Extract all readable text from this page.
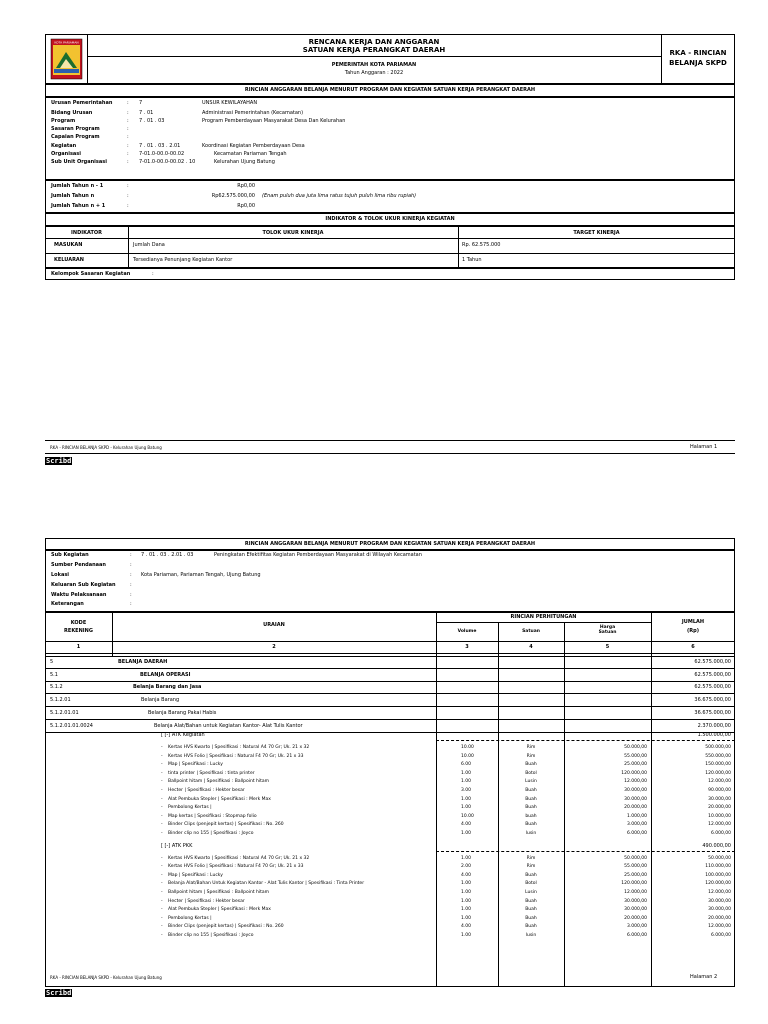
KOTA PARIAMAN	RENCANA KERJA DAN ANGGARAN
SATUAN KERJA PERANGKAT DAERAH
PEMERINTAH KOTA PARIAMAN
Tahun Anggaran : 2022
RKA - RINCIAN
BELANJA SKPD
RINCIAN ANGGARAN BELANJA MENURUT PROGRAM DAN KEGIATAN SATUAN KERJA PERANGKAT DAERAH
Urusan Pemerintahan	: 7	UNSUR KEWILAYAHAN
Bidang Urusan	: 7 . 01	Administrasi Pemerintahan (Kecamatan)
Program	: 7 . 01 . 03	Program Pemberdayaan Masyarakat Desa Dan Kelurahan
Sasaran Program	:
Capaian Program	:
Kegiatan	: 7 . 01 . 03 . 2.01	Koordinasi Kegiatan Pemberdayaan Desa
Organisasi	: 7-01.0-00.0-00.02	Kecamatan Pariaman Tengah
Sub Unit Organisasi	: 7-01.0-00.0-00.02 . 10	Kelurahan Ujung Batung
Jumlah Tahun n - 1	:	Rp0,00
Jumlah Tahun n	:	Rp62.575.000,00 (Enam puluh dua juta lima ratus tujuh puluh lima ribu rupiah)
Jumlah Tahun n + 1	:	Rp0,00
INDIKATOR & TOLOK UKUR KINERJA KEGIATAN
INDIKATOR	TOLOK UKUR KINERJA	TARGET KINERJA
MASUKAN	Jumlah Dana	Rp. 62.575.000
KELUARAN	Tersedianya Penunjang Kegiatan Kantor	1 Tahun
Kelompok Sasaran Kegiatan	:
RKA - RINCIAN BELANJA SKPD - Kelurahan Ujung Batung	Halaman 1
Scribd
RINCIAN ANGGARAN BELANJA MENURUT PROGRAM DAN KEGIATAN SATUAN KERJA PERANGKAT DAERAH
Sub Kegiatan	: 7 . 01 . 03 . 2.01 . 03	Peningkatan Efektifitas Kegiatan Pemberdayaan Masyarakat di Wilayah Kecamatan
Sumber Pendanaan	:
Lokasi	: Kota Pariaman, Pariaman Tengah, Ujung Batung
Keluaran Sub Kegiatan	:
Waktu Pelaksanaan	:
Keterangan	:
KODE
REKENING
URAIAN
RINCIAN PERHITUNGAN
Volume	Satuan
Harga
Satuan
JUMLAH
(Rp)
1	2	3	4	5	6
5	BELANJA DAERAH	62.575.000,00
5.1	BELANJA OPERASI	62.575.000,00
5.1.2	Belanja Barang dan Jasa	62.575.000,00
5.1.2.01	Belanja Barang	36.675.000,00
5.1.2.01.01	Belanja Barang Pakai Habis	36.675.000,00
5.1.2.01.01.0024	Belanja Alat/Bahan untuk Kegiatan Kantor- Alat Tulis Kantor	2.370.000,00
[ [-] ATK Kegiatan	1.500.000,00
- Kertas HVS Kwarto | Spesifikasi : Natural A4 70 Gr; Uk. 21 x 32	10.00	Rim	50.000,00	500.000,00
- Kertas HVS Folio | Spesifikasi : Natural F4 70 Gr; Uk. 21 x 33	10.00	Rim	55.000,00	550.000,00
- Map | Spesifikasi : Lucky	6.00	Buah	25.000,00	150.000,00
- tinta printer | Spesifikasi : tinta printer	1.00	Botol	120.000,00	120.000,00
- Ballpoint hitam | Spesifikasi : Ballpoint hitam	1.00	Lusin	12.000,00	12.000,00
- Hecter | Spesifikasi : Hekter besar	3.00	Buah	30.000,00	90.000,00
- Alat Pembuka Stepler | Spesifikasi : Merk Max	1.00	Buah	30.000,00	30.000,00
- Pembolong Kertas |	1.00	Buah	20.000,00	20.000,00
- Map kertas | Spesifikasi : Stopmap folio	10.00	buah	1.000,00	10.000,00
- Binder Clips (penjepit kertas) | Spesifikasi : No. 260	4.00	Buah	3.000,00	12.000,00
- Binder clip no 155 | Spesifikasi : Joyco	1.00	lusin	6.000,00	6.000,00
[ [-] ATK PKK	490.000,00
- Kertas HVS Kwarto | Spesifikasi : Natural A4 70 Gr; Uk. 21 x 32	1.00	Rim	50.000,00	50.000,00
- Kertas HVS Folio | Spesifikasi : Natural F4 70 Gr; Uk. 21 x 33	2.00	Rim	55.000,00	110.000,00
- Map | Spesifikasi : Lucky	4.00	Buah	25.000,00	100.000,00
- Belanja Alat/Bahan Untuk Kegiatan Kantor - Alat Tulis Kantor | Spesifikasi : Tinta Printer	1.00	Botol	120.000,00	120.000,00
- Ballpoint hitam | Spesifikasi : Ballpoint hitam	1.00	Lusin	12.000,00	12.000,00
- Hecter | Spesifikasi : Hekter besar	1.00	Buah	30.000,00	30.000,00
- Alat Pembuka Stepler | Spesifikasi : Merk Max	1.00	Buah	30.000,00	30.000,00
- Pembolong Kertas |	1.00	Buah	20.000,00	20.000,00
- Binder Clips (penjepit kertas) | Spesifikasi : No. 260	4.00	Buah	3.000,00	12.000,00
- Binder clip no 155 | Spesifikasi : Joyco	1.00	lusin	6.000,00	6.000,00
RKA - RINCIAN BELANJA SKPD - Kelurahan Ujung Batung	Halaman 2
Scribd
